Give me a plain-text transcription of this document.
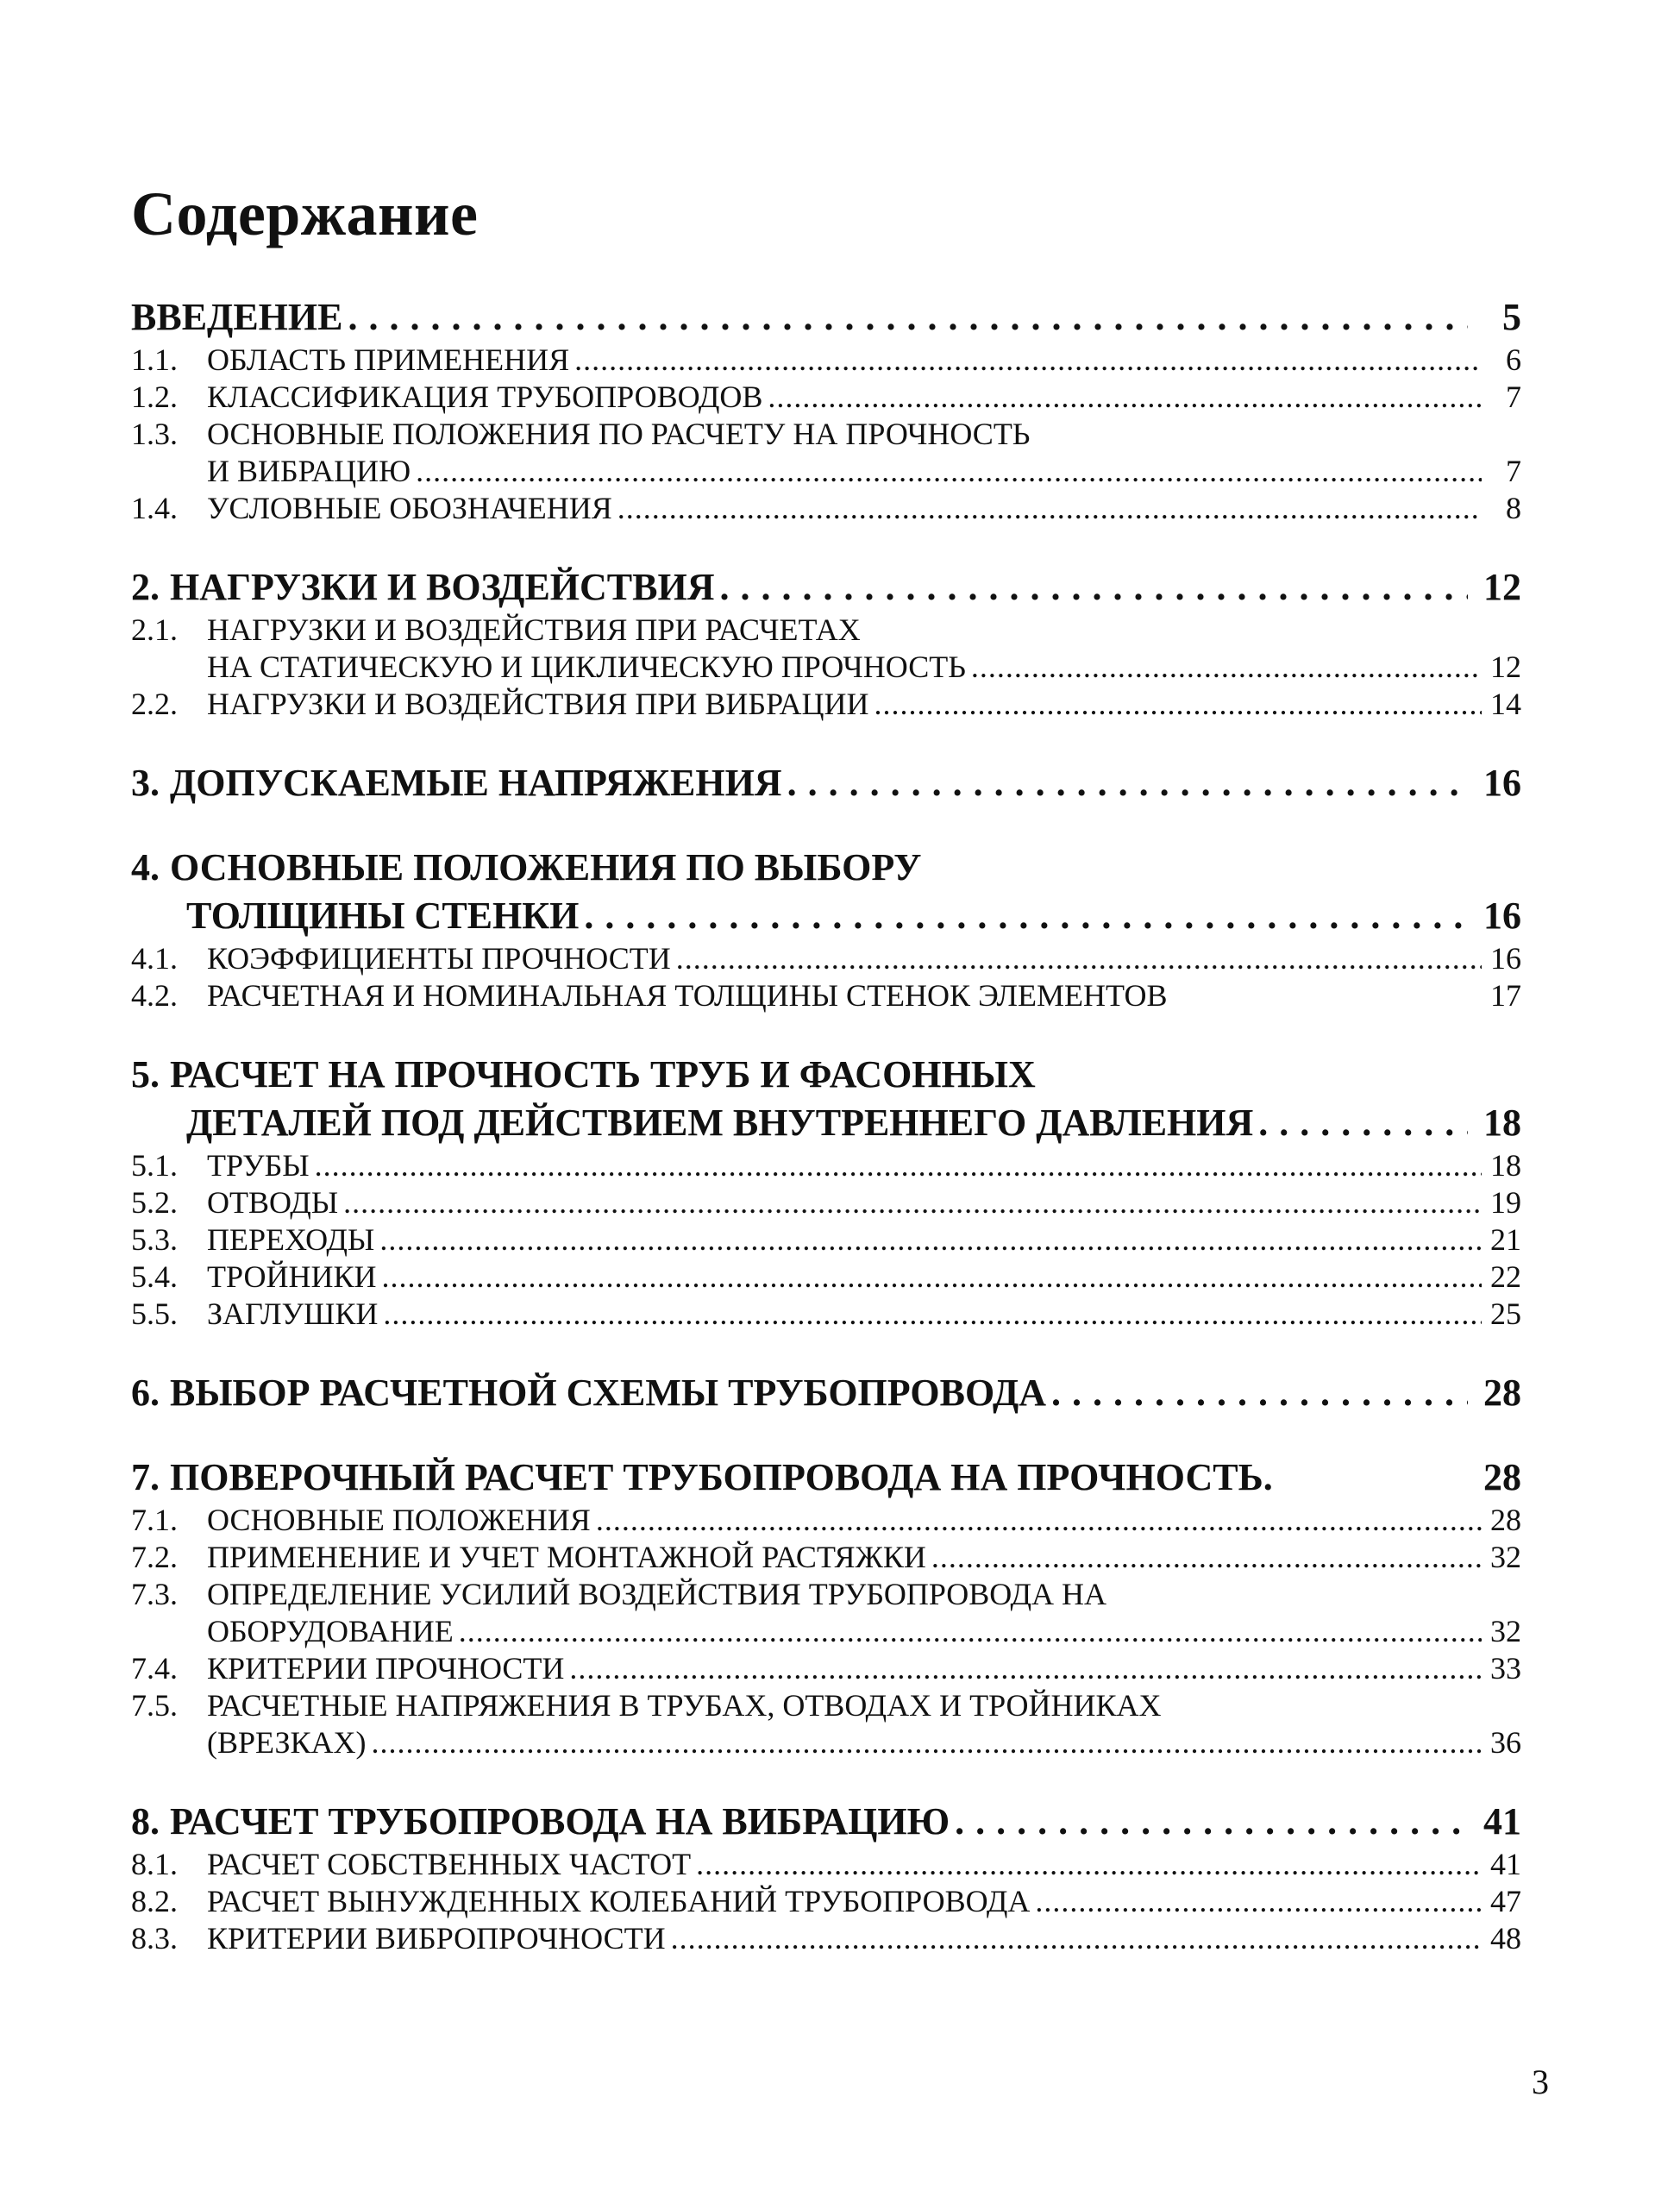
Содержание
ВВЕДЕНИЕ . . .	5
1.1. ОБЛАСТЬ ПРИМЕНЕНИЯ . . .	6
1.2. КЛАССИФИКАЦИЯ ТРУБОПРОВОДОВ . . .	7
1.3. ОСНОВНЫЕ ПОЛОЖЕНИЯ ПО РАСЧЕТУ НА ПРОЧНОСТЬ
И ВИБРАЦИЮ . . .	7
1.4. УСЛОВНЫЕ ОБОЗНАЧЕНИЯ . . .	8
2. НАГРУЗКИ И ВОЗДЕЙСТВИЯ . . .	12
2.1. НАГРУЗКИ И ВОЗДЕЙСТВИЯ ПРИ РАСЧЕТАХ
НА СТАТИЧЕСКУЮ И ЦИКЛИЧЕСКУЮ ПРОЧНОСТЬ . . .	12
2.2. НАГРУЗКИ И ВОЗДЕЙСТВИЯ ПРИ ВИБРАЦИИ . . .	14
3. ДОПУСКАЕМЫЕ НАПРЯЖЕНИЯ . . .	16
4. ОСНОВНЫЕ ПОЛОЖЕНИЯ ПО ВЫБОРУ
ТОЛЩИНЫ СТЕНКИ . . .	16
4.1. КОЭФФИЦИЕНТЫ ПРОЧНОСТИ . . .	16
4.2. РАСЧЕТНАЯ И НОМИНАЛЬНАЯ ТОЛЩИНЫ СТЕНОК ЭЛЕМЕНТОВ	17
5. РАСЧЕТ НА ПРОЧНОСТЬ ТРУБ И ФАСОННЫХ
ДЕТАЛЕЙ ПОД ДЕЙСТВИЕМ ВНУТРЕННЕГО ДАВЛЕНИЯ . . .	18
5.1. ТРУБЫ . . .	18
5.2. ОТВОДЫ . . .	19
5.3. ПЕРЕХОДЫ . . .	21
5.4. ТРОЙНИКИ . . .	22
5.5. ЗАГЛУШКИ . . .	25
6. ВЫБОР РАСЧЕТНОЙ СХЕМЫ ТРУБОПРОВОДА . . .	28
7. ПОВЕРОЧНЫЙ РАСЧЕТ ТРУБОПРОВОДА НА ПРОЧНОСТЬ.	28
7.1. ОСНОВНЫЕ ПОЛОЖЕНИЯ . . .	28
7.2. ПРИМЕНЕНИЕ И УЧЕТ МОНТАЖНОЙ РАСТЯЖКИ . . .	32
7.3. ОПРЕДЕЛЕНИЕ УСИЛИЙ ВОЗДЕЙСТВИЯ ТРУБОПРОВОДА НА
ОБОРУДОВАНИЕ . . .	32
7.4. КРИТЕРИИ ПРОЧНОСТИ . . .	33
7.5. РАСЧЕТНЫЕ НАПРЯЖЕНИЯ В ТРУБАХ, ОТВОДАХ И ТРОЙНИКАХ
(ВРЕЗКАХ) . . .	36
8. РАСЧЕТ ТРУБОПРОВОДА НА ВИБРАЦИЮ . . .	41
8.1. РАСЧЕТ СОБСТВЕННЫХ ЧАСТОТ . . .	41
8.2. РАСЧЕТ ВЫНУЖДЕННЫХ КОЛЕБАНИЙ ТРУБОПРОВОДА . . .	47
8.3. КРИТЕРИИ ВИБРОПРОЧНОСТИ . . .	48
3
